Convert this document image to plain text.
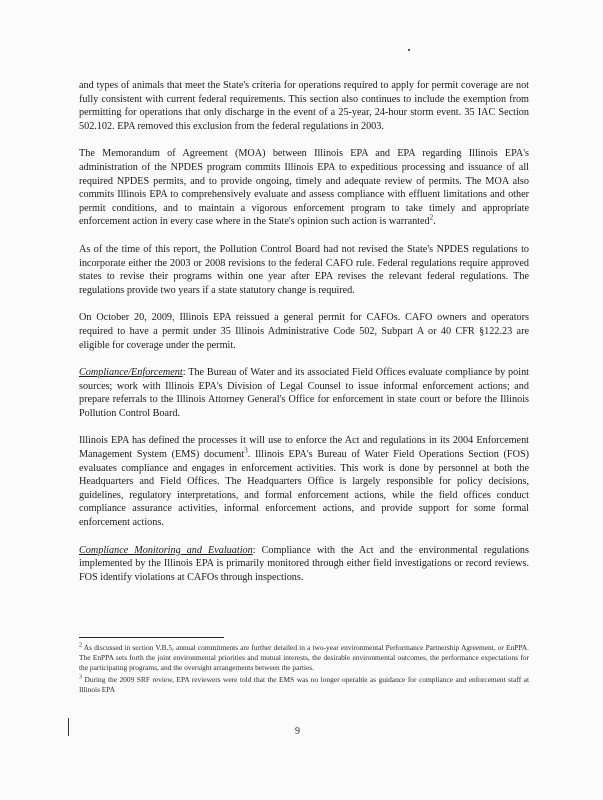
and types of animals that meet the State's criteria for operations required to apply for permit coverage are not fully consistent with current federal requirements. This section also continues to include the exemption from permitting for operations that only discharge in the event of a 25-year, 24-hour storm event. 35 IAC Section 502.102. EPA removed this exclusion from the federal regulations in 2003.

The Memorandum of Agreement (MOA) between Illinois EPA and EPA regarding Illinois EPA's administration of the NPDES program commits Illinois EPA to expeditious processing and issuance of all required NPDES permits, and to provide ongoing, timely and adequate review of permits. The MOA also commits Illinois EPA to comprehensively evaluate and assess compliance with effluent limitations and other permit conditions, and to maintain a vigorous enforcement program to take timely and appropriate enforcement action in every case where in the State's opinion such action is warranted$^2$.

As of the time of this report, the Pollution Control Board had not revised the State's NPDES regulations to incorporate either the 2003 or 2008 revisions to the federal CAFO rule. Federal regulations require approved states to revise their programs within one year after EPA revises the relevant federal regulations. The regulations provide two years if a state statutory change is required.

On October 20, 2009, Illinois EPA reissued a general permit for CAFOs. CAFO owners and operators required to have a permit under 35 Illinois Administrative Code 502, Subpart A or 40 CFR §122.23 are eligible for coverage under the permit.

Compliance/Enforcement: The Bureau of Water and its associated Field Offices evaluate compliance by point sources; work with Illinois EPA's Division of Legal Counsel to issue informal enforcement actions; and prepare referrals to the Illinois Attorney General's Office for enforcement in state court or before the Illinois Pollution Control Board.

Illinois EPA has defined the processes it will use to enforce the Act and regulations in its 2004 Enforcement Management System (EMS) document$^3$. Illinois EPA's Bureau of Water Field Operations Section (FOS) evaluates compliance and engages in enforcement activities. This work is done by personnel at both the Headquarters and Field Offices. The Headquarters Office is largely responsible for policy decisions, guidelines, regulatory interpretations, and formal enforcement actions, while the field offices conduct compliance assurance activities, informal enforcement actions, and provide support for some formal enforcement actions.

Compliance Monitoring and Evaluation: Compliance with the Act and the environmental regulations implemented by the Illinois EPA is primarily monitored through either field investigations or record reviews. FOS identify violations at CAFOs through inspections.

$^2$ As discussed in section V.B.5, annual commitments are further detailed in a two-year environmental Performance Partnership Agreement, or EnPPA. The EnPPA sets forth the joint environmental priorities and mutual interests, the desirable environmental outcomes, the performance expectations for the participating programs, and the oversight arrangements between the parties.

$^3$ During the 2009 SRF review, EPA reviewers were told that the EMS was no longer operable as guidance for compliance and enforcement staff at Illinois EPA

9
